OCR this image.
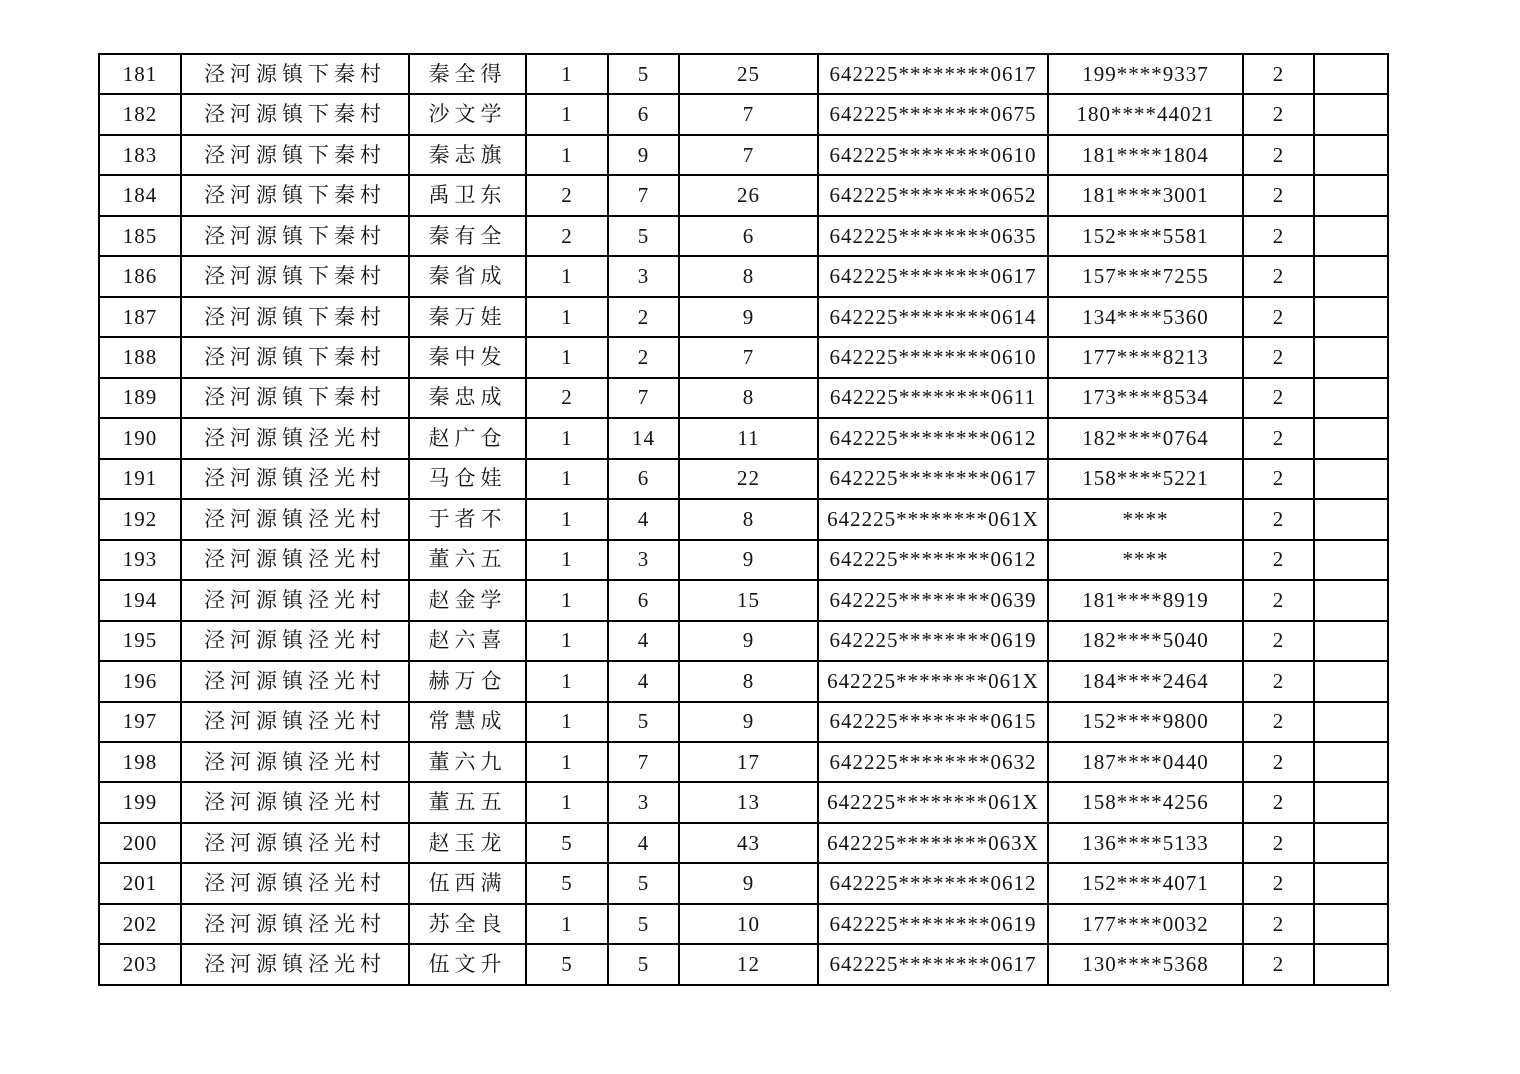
181	泾河源镇下秦村	秦全得	1	5	25	642225********0617	199****9337	2	
182	泾河源镇下秦村	沙文学	1	6	7	642225********0675	180****44021	2	
183	泾河源镇下秦村	秦志旗	1	9	7	642225********0610	181****1804	2	
184	泾河源镇下秦村	禹卫东	2	7	26	642225********0652	181****3001	2	
185	泾河源镇下秦村	秦有全	2	5	6	642225********0635	152****5581	2	
186	泾河源镇下秦村	秦省成	1	3	8	642225********0617	157****7255	2	
187	泾河源镇下秦村	秦万娃	1	2	9	642225********0614	134****5360	2	
188	泾河源镇下秦村	秦中发	1	2	7	642225********0610	177****8213	2	
189	泾河源镇下秦村	秦忠成	2	7	8	642225********0611	173****8534	2	
190	泾河源镇泾光村	赵广仓	1	14	11	642225********0612	182****0764	2	
191	泾河源镇泾光村	马仓娃	1	6	22	642225********0617	158****5221	2	
192	泾河源镇泾光村	于者不	1	4	8	642225********061X	****	2	
193	泾河源镇泾光村	董六五	1	3	9	642225********0612	****	2	
194	泾河源镇泾光村	赵金学	1	6	15	642225********0639	181****8919	2	
195	泾河源镇泾光村	赵六喜	1	4	9	642225********0619	182****5040	2	
196	泾河源镇泾光村	赫万仓	1	4	8	642225********061X	184****2464	2	
197	泾河源镇泾光村	常慧成	1	5	9	642225********0615	152****9800	2	
198	泾河源镇泾光村	董六九	1	7	17	642225********0632	187****0440	2	
199	泾河源镇泾光村	董五五	1	3	13	642225********061X	158****4256	2	
200	泾河源镇泾光村	赵玉龙	5	4	43	642225********063X	136****5133	2	
201	泾河源镇泾光村	伍西满	5	5	9	642225********0612	152****4071	2	
202	泾河源镇泾光村	苏全良	1	5	10	642225********0619	177****0032	2	
203	泾河源镇泾光村	伍文升	5	5	12	642225********0617	130****5368	2	
